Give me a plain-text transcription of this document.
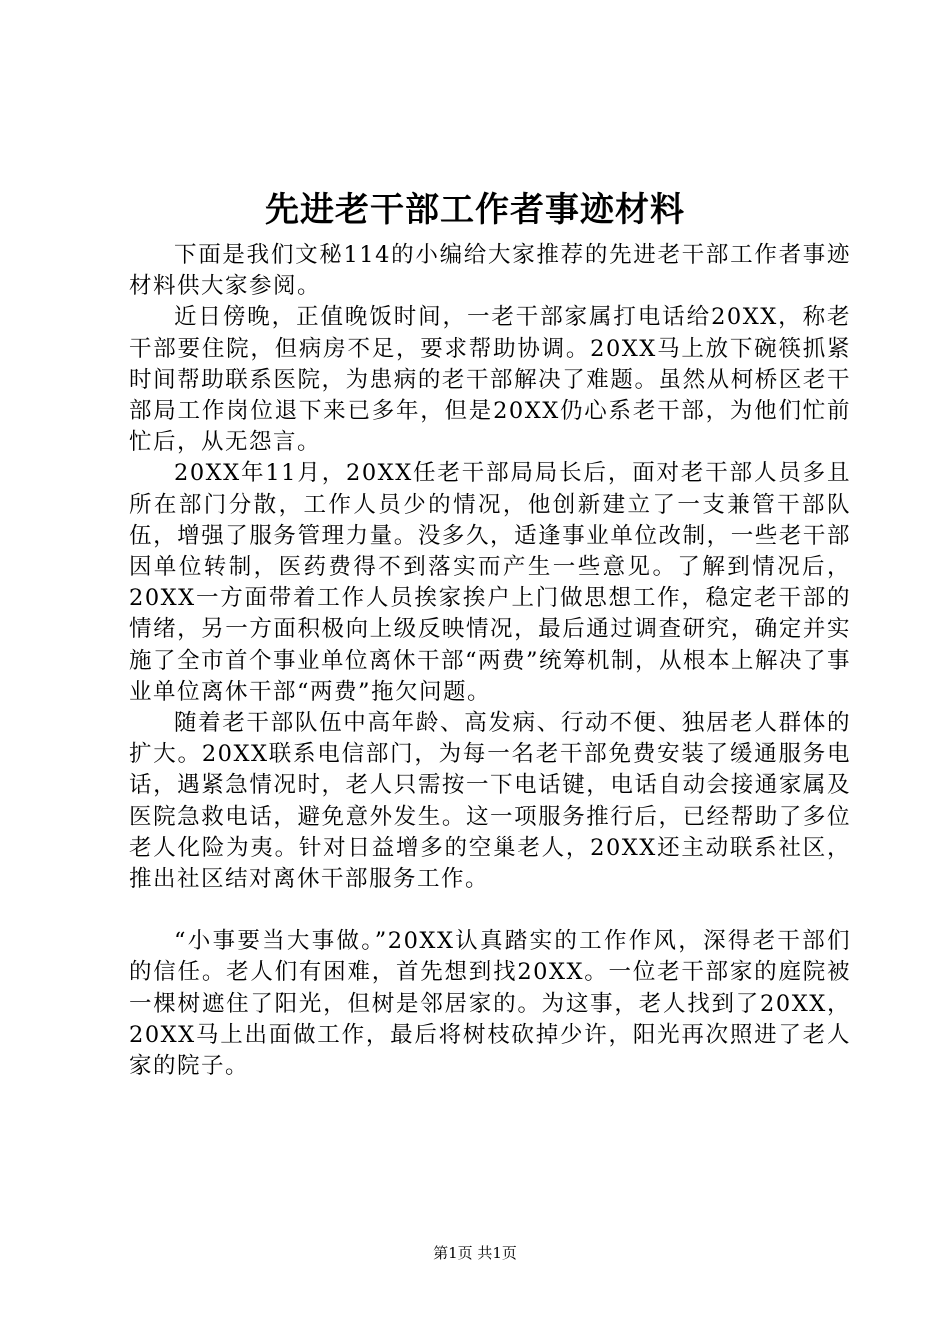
先进老干部工作者事迹材料

下面是我们文秘114的小编给大家推荐的先进老干部工作者事迹材料供大家参阅。

近日傍晚，正值晚饭时间，一老干部家属打电话给20XX，称老干部要住院，但病房不足，要求帮助协调。20XX马上放下碗筷抓紧时间帮助联系医院，为患病的老干部解决了难题。虽然从柯桥区老干部局工作岗位退下来已多年，但是20XX仍心系老干部，为他们忙前忙后，从无怨言。

20XX年11月，20XX任老干部局局长后，面对老干部人员多且所在部门分散，工作人员少的情况，他创新建立了一支兼管干部队伍，增强了服务管理力量。没多久，适逢事业单位改制，一些老干部因单位转制，医药费得不到落实而产生一些意见。了解到情况后，20XX一方面带着工作人员挨家挨户上门做思想工作，稳定老干部的情绪，另一方面积极向上级反映情况，最后通过调查研究，确定并实施了全市首个事业单位离休干部“两费”统筹机制，从根本上解决了事业单位离休干部“两费”拖欠问题。

随着老干部队伍中高年龄、高发病、行动不便、独居老人群体的扩大。20XX联系电信部门，为每一名老干部免费安装了缓通服务电话，遇紧急情况时，老人只需按一下电话键，电话自动会接通家属及医院急救电话，避免意外发生。这一项服务推行后，已经帮助了多位老人化险为夷。针对日益增多的空巢老人，20XX还主动联系社区，推出社区结对离休干部服务工作。

“小事要当大事做。”20XX认真踏实的工作作风，深得老干部们的信任。老人们有困难，首先想到找20XX。一位老干部家的庭院被一棵树遮住了阳光，但树是邻居家的。为这事，老人找到了20XX，20XX马上出面做工作，最后将树枝砍掉少许，阳光再次照进了老人家的院子。

第1页 共1页
